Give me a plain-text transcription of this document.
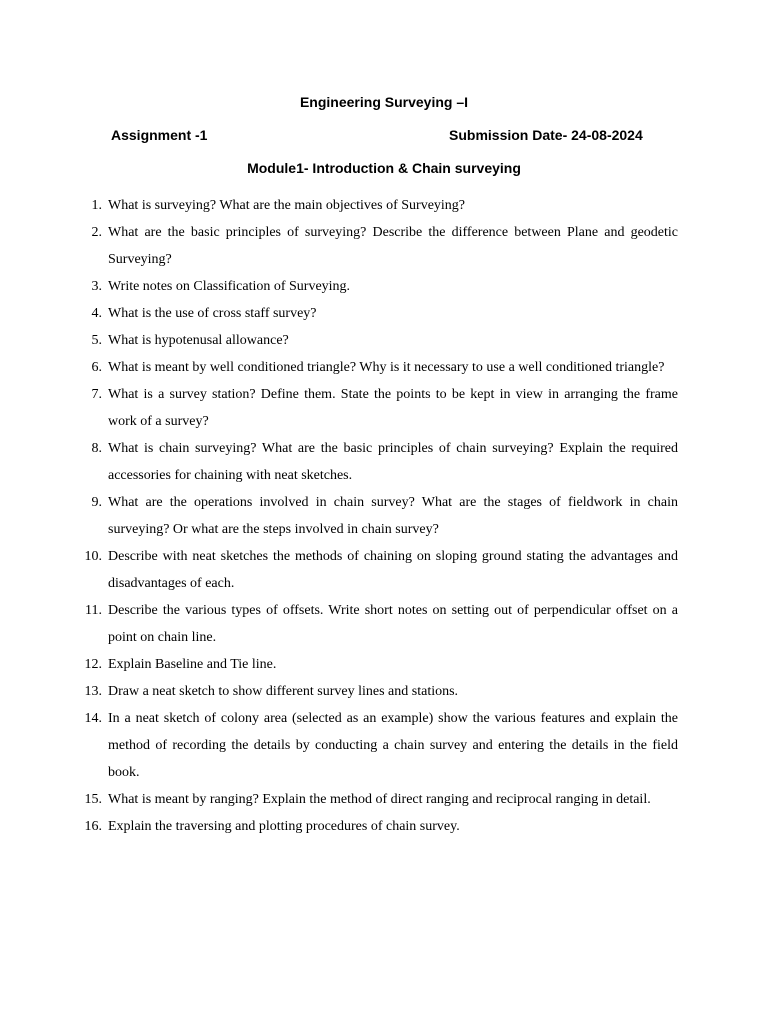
Engineering Surveying –I
Assignment -1	Submission Date- 24-08-2024
Module1- Introduction & Chain surveying
1. What is surveying? What are the main objectives of Surveying?
2. What are the basic principles of surveying? Describe the difference between Plane and geodetic Surveying?
3. Write notes on Classification of Surveying.
4. What is the use of cross staff survey?
5. What is hypotenusal allowance?
6. What is meant by well conditioned triangle? Why is it necessary to use a well conditioned triangle?
7. What is a survey station? Define them. State the points to be kept in view in arranging the frame work of a survey?
8. What is chain surveying? What are the basic principles of chain surveying? Explain the required accessories for chaining with neat sketches.
9. What are the operations involved in chain survey? What are the stages of fieldwork in chain surveying? Or what are the steps involved in chain survey?
10. Describe with neat sketches the methods of chaining on sloping ground stating the advantages and disadvantages of each.
11. Describe the various types of offsets. Write short notes on setting out of perpendicular offset on a point on chain line.
12. Explain Baseline and Tie line.
13. Draw a neat sketch to show different survey lines and stations.
14. In a neat sketch of colony area (selected as an example) show the various features and explain the method of recording the details by conducting a chain survey and entering the details in the field book.
15. What is meant by ranging? Explain the method of direct ranging and reciprocal ranging in detail.
16. Explain the traversing and plotting procedures of chain survey.
